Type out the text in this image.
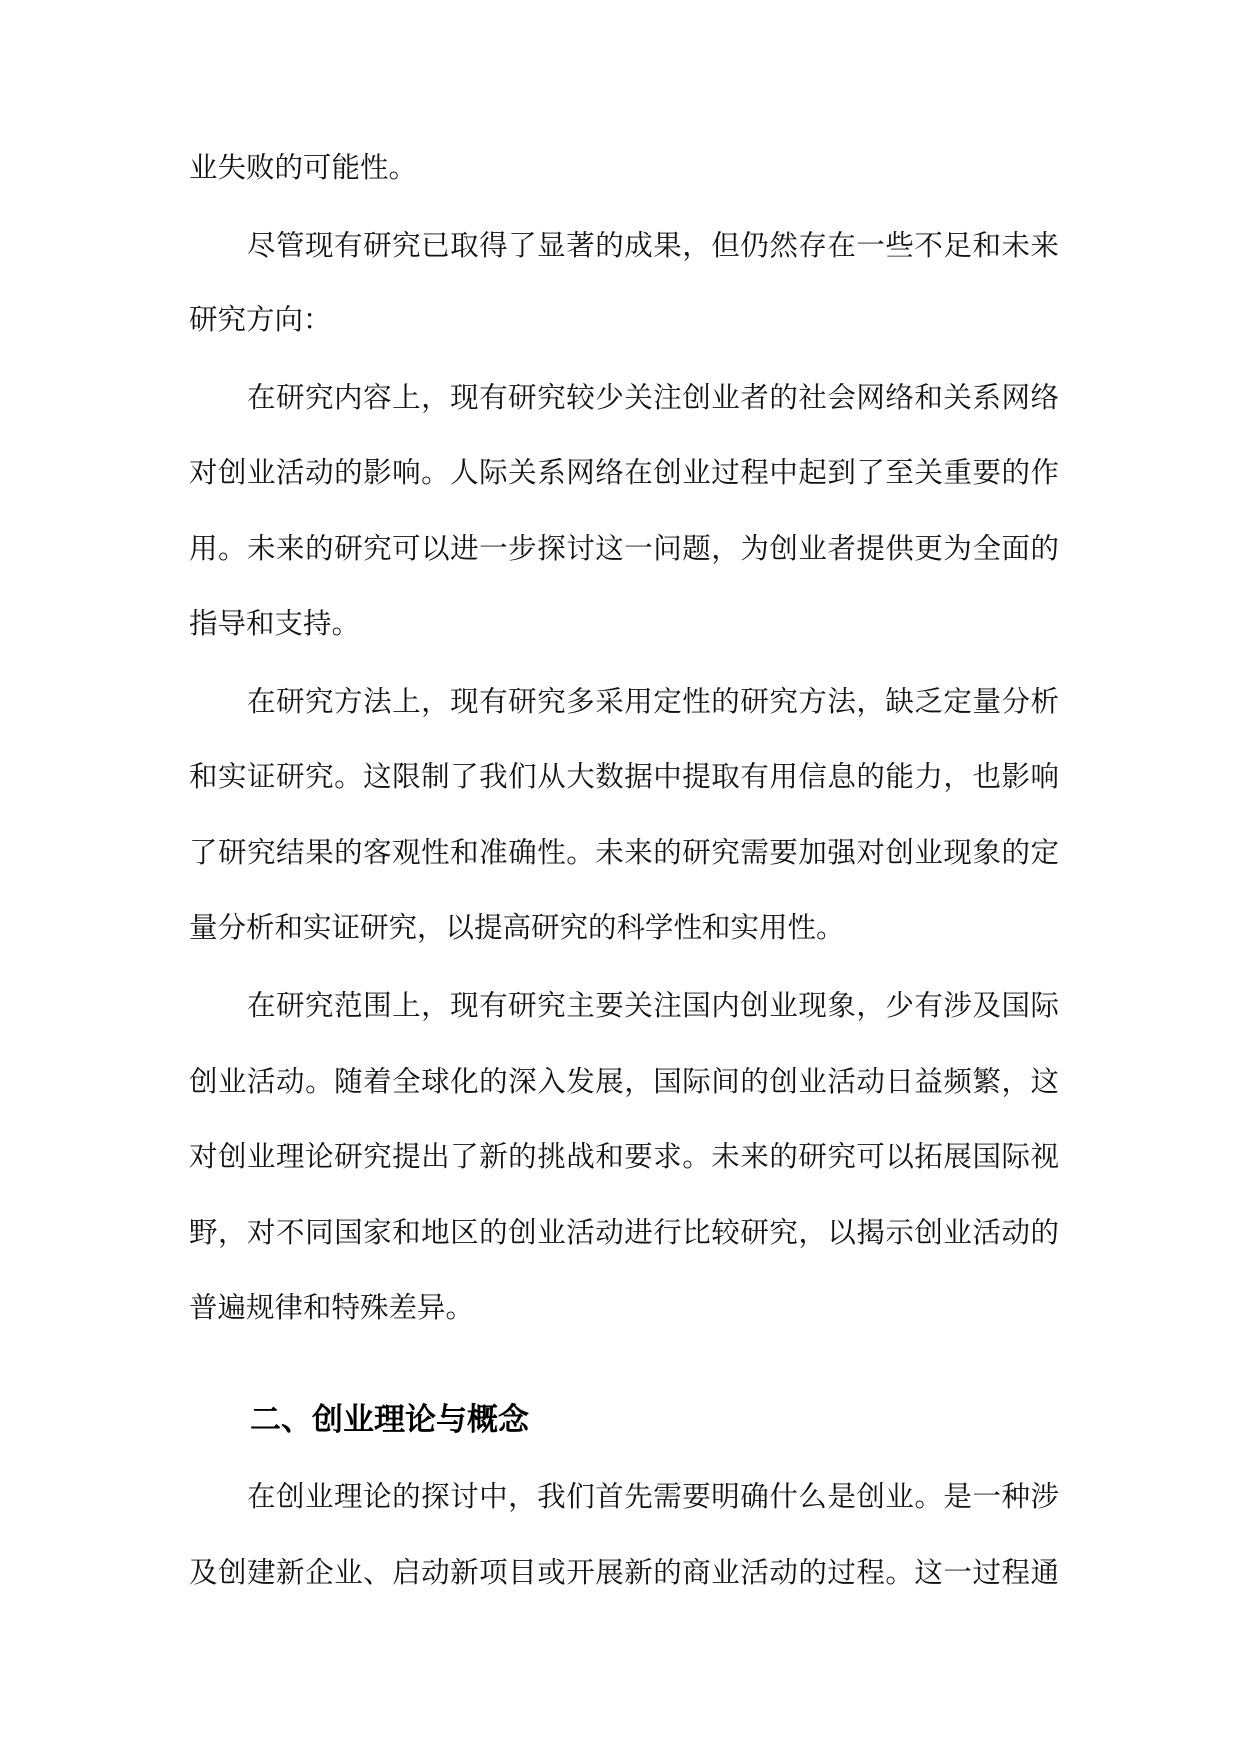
业失败的可能性。
尽管现有研究已取得了显著的成果，但仍然存在一些不足和未来
研究方向：
在研究内容上，现有研究较少关注创业者的社会网络和关系网络
对创业活动的影响。人际关系网络在创业过程中起到了至关重要的作
用。未来的研究可以进一步探讨这一问题，为创业者提供更为全面的
指导和支持。
在研究方法上，现有研究多采用定性的研究方法，缺乏定量分析
和实证研究。这限制了我们从大数据中提取有用信息的能力，也影响
了研究结果的客观性和准确性。未来的研究需要加强对创业现象的定
量分析和实证研究，以提高研究的科学性和实用性。
在研究范围上，现有研究主要关注国内创业现象，少有涉及国际
创业活动。随着全球化的深入发展，国际间的创业活动日益频繁，这
对创业理论研究提出了新的挑战和要求。未来的研究可以拓展国际视
野，对不同国家和地区的创业活动进行比较研究，以揭示创业活动的
普遍规律和特殊差异。
二、创业理论与概念
在创业理论的探讨中，我们首先需要明确什么是创业。是一种涉
及创建新企业、启动新项目或开展新的商业活动的过程。这一过程通
